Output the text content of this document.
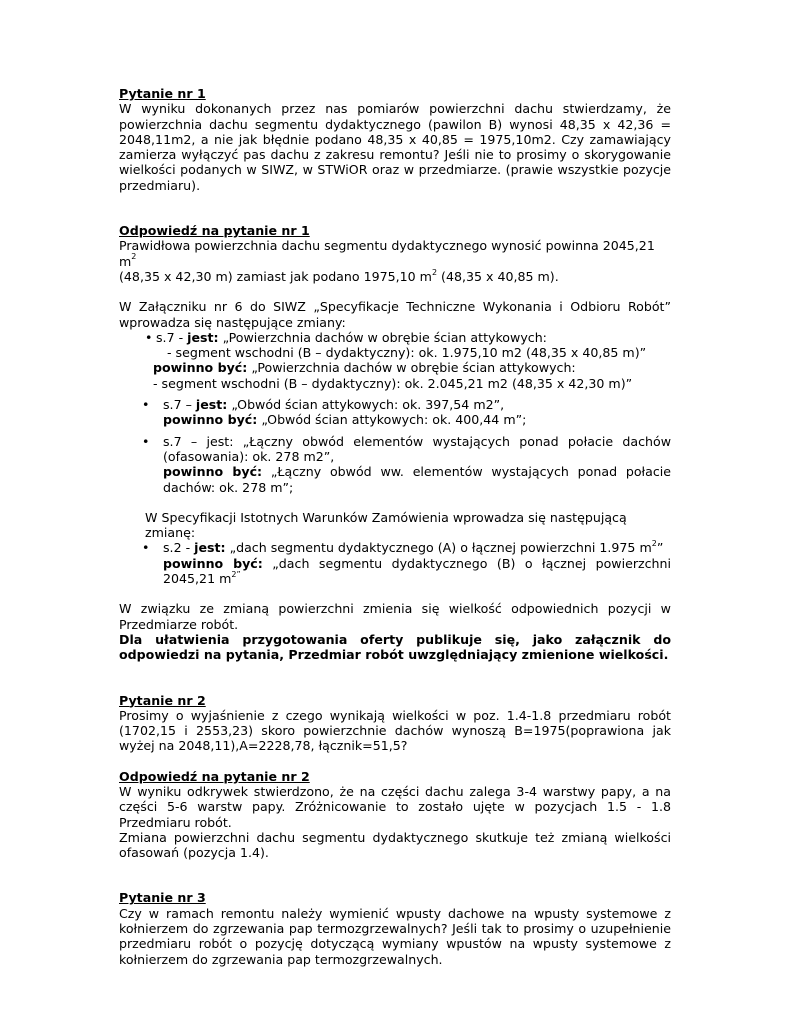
Pytanie nr 1

W wyniku dokonanych przez nas pomiarów powierzchni dachu stwierdzamy, że powierzchnia dachu segmentu dydaktycznego (pawilon B) wynosi 48,35 x 42,36 = 2048,11m2, a nie jak błędnie podano 48,35 x 40,85 = 1975,10m2. Czy zamawiający zamierza wyłączyć pas dachu z zakresu remontu? Jeśli nie to prosimy o skorygowanie wielkości podanych w SIWZ, w STWiOR oraz w przedmiarze. (prawie wszystkie pozycje przedmiaru).

Odpowiedź na pytanie nr 1

Prawidłowa powierzchnia dachu segmentu dydaktycznego wynosić powinna 2045,21 $m^2$
(48,35 x 42,30 m) zamiast jak podano 1975,10 $m^2$ (48,35 x 40,85 m).

W Załączniku nr 6 do SIWZ „Specyfikacje Techniczne Wykonania i Odbioru Robót” wprowadza się następujące zmiany:

• s.7 - jest: „Powierzchnia dachów w obrębie ścian attykowych:

- segment wschodni (B – dydaktyczny): ok. 1.975,10 m2 (48,35 x 40,85 m)”

powinno być: „Powierzchnia dachów w obrębie ścian attykowych:

- segment wschodni (B – dydaktyczny): ok. 2.045,21 m2 (48,35 x 42,30 m)”

• s.7 – jest: „Obwód ścian attykowych: ok. 397,54 m2”,

powinno być: „Obwód ścian attykowych: ok. 400,44 m”;

• s.7 – jest: „Łączny obwód elementów wystających ponad połacie dachów (ofasowania): ok. 278 m2”,

powinno być: „Łączny obwód ww. elementów wystających ponad połacie dachów: ok. 278 m”;

W Specyfikacji Istotnych Warunków Zamówienia wprowadza się następującą zmianę:

• s.2 - jest: „dach segmentu dydaktycznego (A) o łącznej powierzchni 1.975 $m^2$”

powinno być: „dach segmentu dydaktycznego (B) o łącznej powierzchni 2045,21 $m^{2”}$

W związku ze zmianą powierzchni zmienia się wielkość odpowiednich pozycji w Przedmiarze robót.

Dla ułatwienia przygotowania oferty publikuje się, jako załącznik do odpowiedzi na pytania, Przedmiar robót uwzględniający zmienione wielkości.

Pytanie nr 2

Prosimy o wyjaśnienie z czego wynikają wielkości w poz. 1.4-1.8 przedmiaru robót (1702,15 i 2553,23) skoro powierzchnie dachów wynoszą B=1975(poprawiona jak wyżej na 2048,11),A=2228,78, łącznik=51,5?

Odpowiedź na pytanie nr 2

W wyniku odkrywek stwierdzono, że na części dachu zalega 3-4 warstwy papy, a na części 5-6 warstw papy. Zróżnicowanie to zostało ujęte w pozycjach 1.5 - 1.8 Przedmiaru robót.

Zmiana powierzchni dachu segmentu dydaktycznego skutkuje też zmianą wielkości ofasowań (pozycja 1.4).

Pytanie nr 3

Czy w ramach remontu należy wymienić wpusty dachowe na wpusty systemowe z kołnierzem do zgrzewania pap termozgrzewalnych? Jeśli tak to prosimy o uzupełnienie przedmiaru robót o pozycję dotyczącą wymiany wpustów na wpusty systemowe z kołnierzem do zgrzewania pap termozgrzewalnych.
